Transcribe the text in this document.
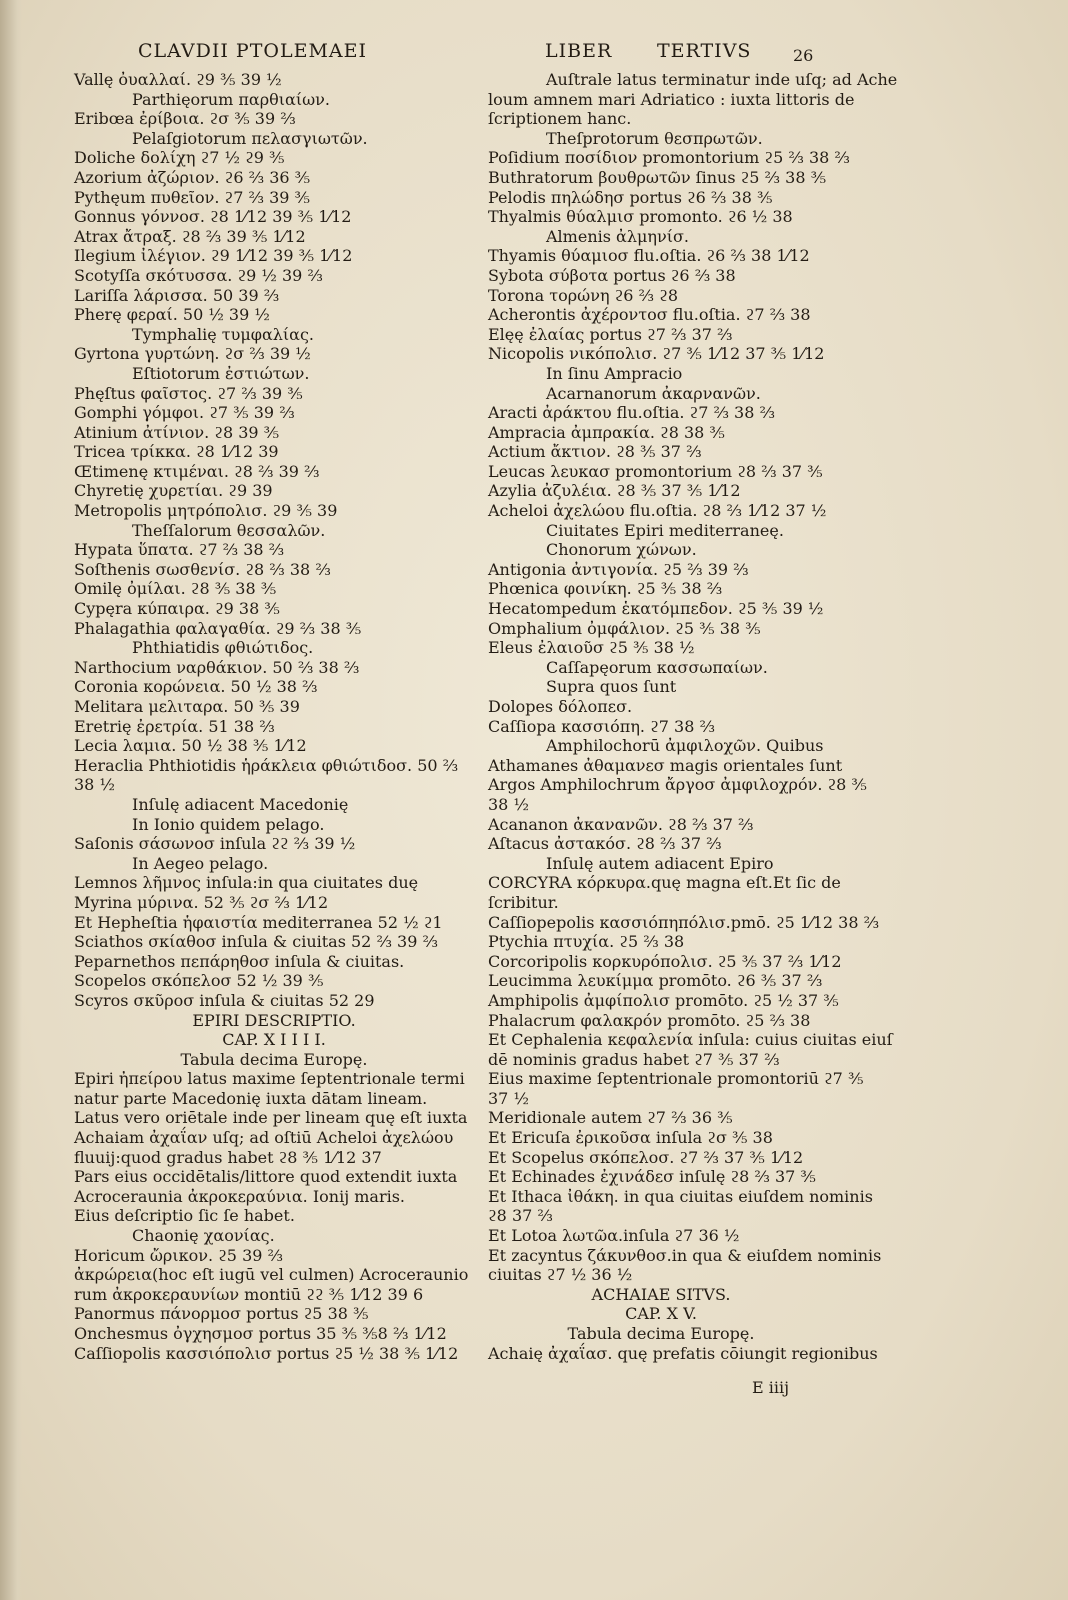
CLAVDII PTOLEMAEI	LIBER TERTIVS	26
Vallę ὀυαλλαί. ϩ9 ⅗ 39 ½
Parthięorum παρθιαίων.
Eribœa ἐρίβοια. ϩσ ⅗ 39 ⅔
Pelaſgiotorum πελασγιωτῶν.
Doliche δολίχη ϩ7 ½ ϩ9 ⅗
Azorium ἀζώριον. ϩ6 ⅔ 36 ⅗
Pythęum πυθεῖον. ϩ7 ⅔ 39 ⅗
Gonnus γόννοσ. ϩ8 1⁄12 39 ⅗ 1⁄12
Atrax ἄτραξ. ϩ8 ⅔ 39 ⅗ 1⁄12
Ilegium ἰλέγιον. ϩ9 1⁄12 39 ⅗ 1⁄12
Scotyſſa σκότυσσα. ϩ9 ½ 39 ⅔
Lariſſa λάρισσα. 50 39 ⅔
Pherę φεραί. 50 ½ 39 ½
Tymphalię τυμφαλίας.
Gyrtona γυρτώνη. ϩσ ⅔ 39 ½
Eſtiotorum ἐστιώτων.
Phęſtus φαῖστος. ϩ7 ⅔ 39 ⅗
Gomphi γόμφοι. ϩ7 ⅗ 39 ⅔
Atinium ἀτίνιον. ϩ8 39 ⅗
Tricea τρίκκα. ϩ8 1⁄12 39
Œtimenę κτιμέναι. ϩ8 ⅔ 39 ⅔
Chyretię χυρετίαι. ϩ9 39
Metropolis μητρόπολισ. ϩ9 ⅗ 39
Theſſalorum θεσσαλῶν.
Hypata ὕπατα. ϩ7 ⅔ 38 ⅔
Soſthenis σωσθενίσ. ϩ8 ⅔ 38 ⅔
Omilę ὀμίλαι. ϩ8 ⅗ 38 ⅗
Cypęra κύπαιρα. ϩ9 38 ⅗
Phalagathia φαλαγαθία. ϩ9 ⅔ 38 ⅗
Phthiatidis φθιώτιδος.
Narthocium ναρθάκιον. 50 ⅔ 38 ⅔
Coronia κορώνεια. 50 ½ 38 ⅔
Melitara μελιταρα. 50 ⅗ 39
Eretrię ἐρετρία. 51 38 ⅔
Lecia λαμια. 50 ½ 38 ⅗ 1⁄12
Heraclia Phthiotidis ἡράκλεια φθιώτιδοσ. 50 ⅔
38 ½
Inſulę adiacent Macedonię
In Ionio quidem pelago.
Saſonis σάσωνοσ inſula ϩϩ ⅔ 39 ½
In Aegeo pelago.
Lemnos λῆμνος inſula:in qua ciuitates duę
Myrina μύρινα. 52 ⅗ ϩσ ⅔ 1⁄12
Et Hepheſtia ἡφαιστία mediterranea 52 ½ ϩ1
Sciathos σκίαθοσ inſula & ciuitas 52 ⅔ 39 ⅔
Peparnethos πεπάρηθοσ inſula & ciuitas.
Scopelos σκόπελοσ 52 ½ 39 ⅗
Scyros σκῦροσ inſula & ciuitas 52 29
EPIRI DESCRIPTIO.
CAP. X I I I I.
Tabula decima Europę.
Epiri ἠπείρου latus maxime ſeptentrionale termi
natur parte Macedonię iuxta dātam lineam.
Latus vero oriētale inde per lineam quę eſt iuxta
Achaiam ἀχαΐαν uſq; ad oſtiū Acheloi ἀχελώου
fluuij:quod gradus habet ϩ8 ⅗ 1⁄12 37
Pars eius occidētalis/littore quod extendit iuxta
Acroceraunia ἀκροκεραύνια. Ionij maris.
Eius deſcriptio ſic ſe habet.
Chaonię χαονίας.
Horicum ὤρικον. ϩ5 39 ⅔
ἀκρώρεια(hoc eſt iugū vel culmen) Acroceraunio
rum ἀκροκεραυνίων montiū ϩϩ ⅗ 1⁄12 39 6
Panormus πάνορμοσ portus ϩ5 38 ⅗
Onchesmus ὀγχησμοσ portus 35 ⅗ ⅗8 ⅔ 1⁄12
Caſſiopolis κασσιόπολισ portus ϩ5 ½ 38 ⅗ 1⁄12
Auſtrale latus terminatur inde uſq; ad Ache
loum amnem mari Adriatico : iuxta littoris de
ſcriptionem hanc.
Theſprotorum θεσπρωτῶν.
Poſidium ποσίδιον promontorium ϩ5 ⅔ 38 ⅔
Buthratorum βουθρωτῶν ſinus ϩ5 ⅔ 38 ⅗
Pelodis πηλώδησ portus ϩ6 ⅔ 38 ⅗
Thyalmis θύαλμισ promonto. ϩ6 ½ 38
Almenis ἀλμηνίσ.
Thyamis θύαμιοσ flu.oſtia. ϩ6 ⅔ 38 1⁄12
Sybota σύβοτα portus ϩ6 ⅔ 38
Torona τορώνη ϩ6 ⅔ ϩ8
Acherontis ἀχέροντοσ flu.oſtia. ϩ7 ⅔ 38
Elęę ἐλαίας portus ϩ7 ⅔ 37 ⅔
Nicopolis νικόπολισ. ϩ7 ⅗ 1⁄12 37 ⅗ 1⁄12
In ſinu Ampracio
Acarnanorum ἀκαρνανῶν.
Aracti ἀράκτου flu.oſtia. ϩ7 ⅔ 38 ⅔
Ampracia ἀμπρακία. ϩ8 38 ⅗
Actium ἄκτιον. ϩ8 ⅗ 37 ⅔
Leucas λευκασ promontorium ϩ8 ⅔ 37 ⅗
Azylia ἀζυλέια. ϩ8 ⅗ 37 ⅗ 1⁄12
Acheloi ἀχελώου flu.oſtia. ϩ8 ⅔ 1⁄12 37 ½
Ciuitates Epiri mediterraneę.
Chonorum χώνων.
Antigonia ἀντιγονία. ϩ5 ⅔ 39 ⅔
Phœnica φοινίκη. ϩ5 ⅗ 38 ⅔
Hecatompedum ἑκατόμπεδον. ϩ5 ⅗ 39 ½
Omphalium ὀμφάλιον. ϩ5 ⅗ 38 ⅗
Eleus ἐλαιοῦσ ϩ5 ⅗ 38 ½
Caſſapęorum κασσωπαίων.
Supra quos ſunt
Dolopes δόλοπεσ.
Caſſiopa κασσιόπη. ϩ7 38 ⅔
Amphilochorū ἀμφιλοχῶν. Quibus
Athamanes ἀθαμανεσ magis orientales ſunt
Argos Amphilochrum ἄργοσ ἀμφιλοχρόν. ϩ8 ⅗
38 ½
Acananon ἀκανανῶν. ϩ8 ⅔ 37 ⅔
Aſtacus ἀστακόσ. ϩ8 ⅔ 37 ⅔
Inſulę autem adiacent Epiro
CORCYRA κόρκυρα.quę magna eſt.Et ſic de
ſcribitur.
Caſſiopepolis κασσιόπηπόλισ.pmō. ϩ5 1⁄12 38 ⅔
Ptychia πτυχία. ϩ5 ⅔ 38
Corcoripolis κορκυρόπολισ. ϩ5 ⅗ 37 ⅔ 1⁄12
Leucimma λευκίμμα promōto. ϩ6 ⅗ 37 ⅔
Amphipolis ἀμφίπολισ promōto. ϩ5 ½ 37 ⅗
Phalacrum φαλακρόν promōto. ϩ5 ⅔ 38
Et Cephalenia κεφαλενία inſula: cuius ciuitas eiuſ
dē nominis gradus habet ϩ7 ⅗ 37 ⅔
Eius maxime ſeptentrionale promontoriū ϩ7 ⅗
37 ½
Meridionale autem ϩ7 ⅔ 36 ⅗
Et Ericuſa ἐρικοῦσα inſula ϩσ ⅗ 38
Et Scopelus σκόπελοσ. ϩ7 ⅔ 37 ⅗ 1⁄12
Et Echinades ἐχινάδεσ inſulę ϩ8 ⅔ 37 ⅗
Et Ithaca ἰθάκη. in qua ciuitas eiuſdem nominis
ϩ8 37 ⅔
Et Lotoa λωτῶα.inſula ϩ7 36 ½
Et zacyntus ζάκυνθοσ.in qua & eiuſdem nominis
ciuitas ϩ7 ½ 36 ½
ACHAIAE SITVS.
CAP. X V.
Tabula decima Europę.
Achaię ἀχαΐασ. quę prefatis cōiungit regionibus
E iiij
